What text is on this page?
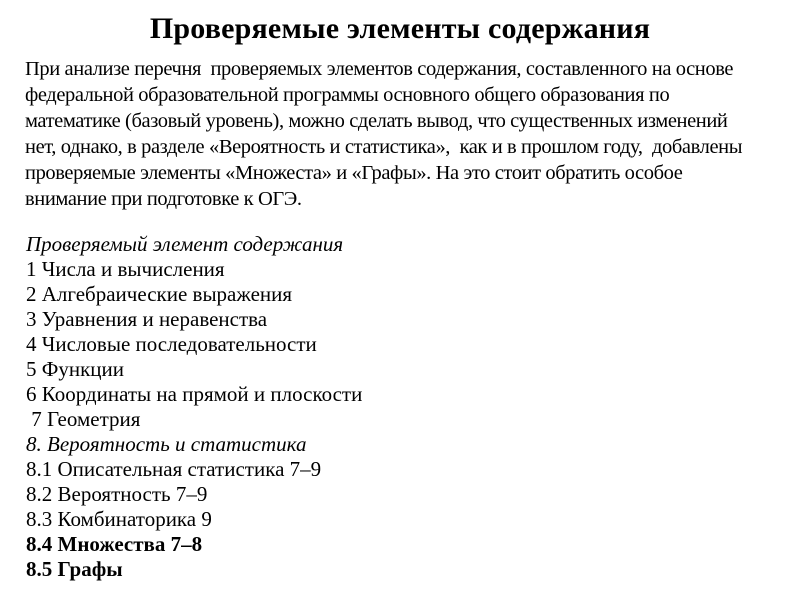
Проверяемые элементы содержания
При анализе перечня  проверяемых элементов содержания, составленного на основе
федеральной образовательной программы основного общего образования по
математике (базовый уровень), можно сделать вывод, что существенных изменений
нет, однако, в разделе «Вероятность и статистика»,  как и в прошлом году,  добавлены
проверяемые элементы «Множеста» и «Графы». На это стоит обратить особое
внимание при подготовке к ОГЭ.
Проверяемый элемент содержания
1 Числа и вычисления
2 Алгебраические выражения
3 Уравнения и неравенства
4 Числовые последовательности
5 Функции
6 Координаты на прямой и плоскости
7 Геометрия
8. Вероятность и статистика
8.1 Описательная статистика 7–9
8.2 Вероятность 7–9
8.3 Комбинаторика 9
8.4 Множества 7–8
8.5 Графы
